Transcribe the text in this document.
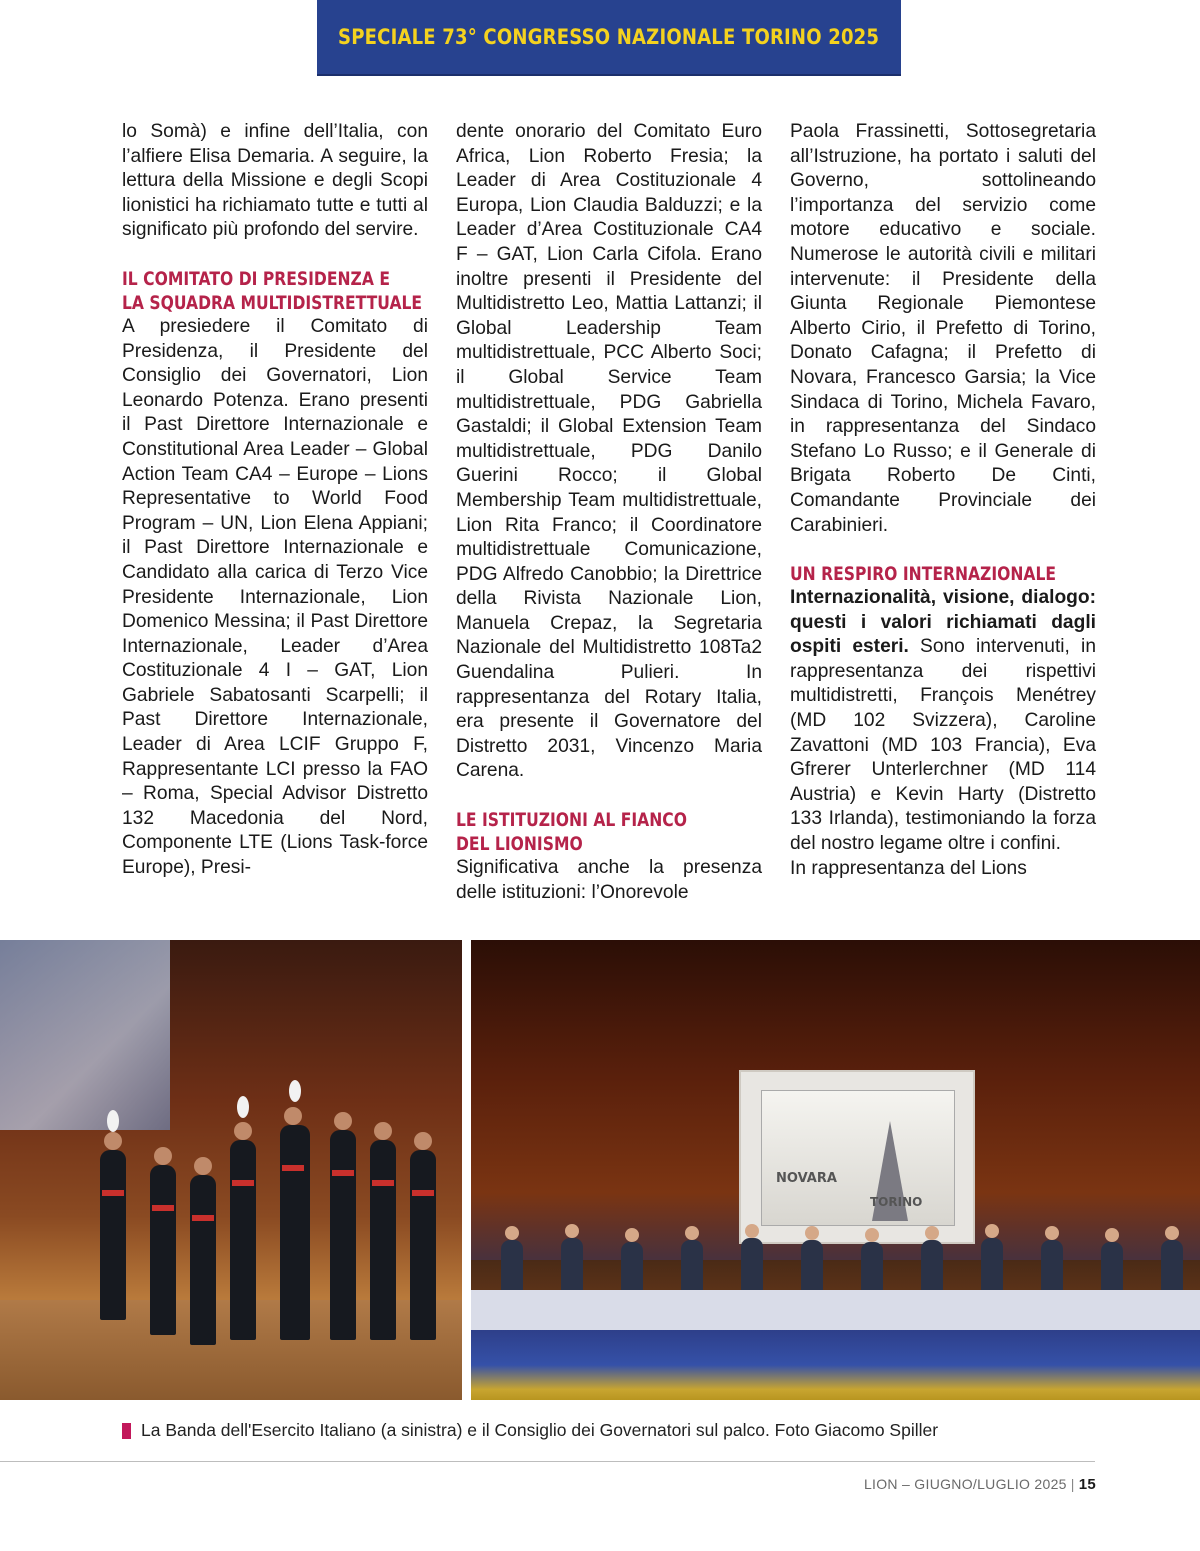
SPECIALE 73° CONGRESSO NAZIONALE TORINO 2025

lo Somà) e infine dell’Italia, con l’alfiere Elisa Demaria. A seguire, la lettura della Missione e degli Scopi lionistici ha richiamato tutte e tutti al significato più profondo del servire.

IL COMITATO DI PRESIDENZA E

LA SQUADRA MULTIDISTRETTUALE

A presiedere il Comitato di Presidenza, il Presidente del Consiglio dei Governatori, Lion Leonardo Potenza. Erano presenti il Past Direttore Internazionale e Constitutional Area Leader – Global Action Team CA4 – Europe – Lions Representative to World Food Program – UN, Lion Elena Appiani; il Past Direttore Internazionale e Candidato alla carica di Terzo Vice Presidente Internazionale, Lion Domenico Messina; il Past Direttore Internazionale, Leader d’Area Costituzionale 4 I – GAT, Lion Gabriele Sabatosanti Scarpelli; il Past Direttore Internazionale, Leader di Area LCIF Gruppo F, Rappresentante LCI presso la FAO – Roma, Special Advisor Distretto 132 Macedonia del Nord, Componente LTE (Lions Task-force Europe), Presi-

dente onorario del Comitato Euro Africa, Lion Roberto Fresia; la Leader di Area Costituzionale 4 Europa, Lion Claudia Balduzzi; e la Leader d’Area Costituzionale CA4 F – GAT, Lion Carla Cifola. Erano inoltre presenti il Presidente del Multidistretto Leo, Mattia Lattanzi; il Global Leadership Team multidistrettuale, PCC Alberto Soci; il Global Service Team multidistrettuale, PDG Gabriella Gastaldi; il Global Extension Team multidistrettuale, PDG Danilo Guerini Rocco; il Global Membership Team multidistrettuale, Lion Rita Franco; il Coordinatore multidistrettuale Comunicazione, PDG Alfredo Canobbio; la Direttrice della Rivista Nazionale Lion, Manuela Crepaz, la Segretaria Nazionale del Multidistretto 108Ta2 Guendalina Pulieri. In rappresentanza del Rotary Italia, era presente il Governatore del Distretto 2031, Vincenzo Maria Carena.

LE ISTITUZIONI AL FIANCO

DEL LIONISMO

Significativa anche la presenza delle istituzioni: l’Onorevole

Paola Frassinetti, Sottosegretaria all’Istruzione, ha portato i saluti del Governo, sottolineando l’importanza del servizio come motore educativo e sociale. Numerose le autorità civili e militari intervenute: il Presidente della Giunta Regionale Piemontese Alberto Cirio, il Prefetto di Torino, Donato Cafagna; il Prefetto di Novara, Francesco Garsia; la Vice Sindaca di Torino, Michela Favaro, in rappresentanza del Sindaco Stefano Lo Russo; e il Generale di Brigata Roberto De Cinti, Comandante Provinciale dei Carabinieri.

UN RESPIRO INTERNAZIONALE

Internazionalità, visione, dialogo: questi i valori richiamati dagli ospiti esteri. Sono intervenuti, in rappresentanza dei rispettivi multidistretti, François Menétrey (MD 102 Svizzera), Caroline Zavattoni (MD 103 Francia), Eva Gfrerer Unterlerchner (MD 114 Austria) e Kevin Harty (Distretto 133 Irlanda), testimoniando la forza del nostro legame oltre i confini.

In rappresentanza del Lions

NOVARA
TORINO
La Banda dell'Esercito Italiano (a sinistra) e il Consiglio dei Governatori sul palco. Foto Giacomo Spiller
LION – GIUGNO/LUGLIO 2025 | 15
